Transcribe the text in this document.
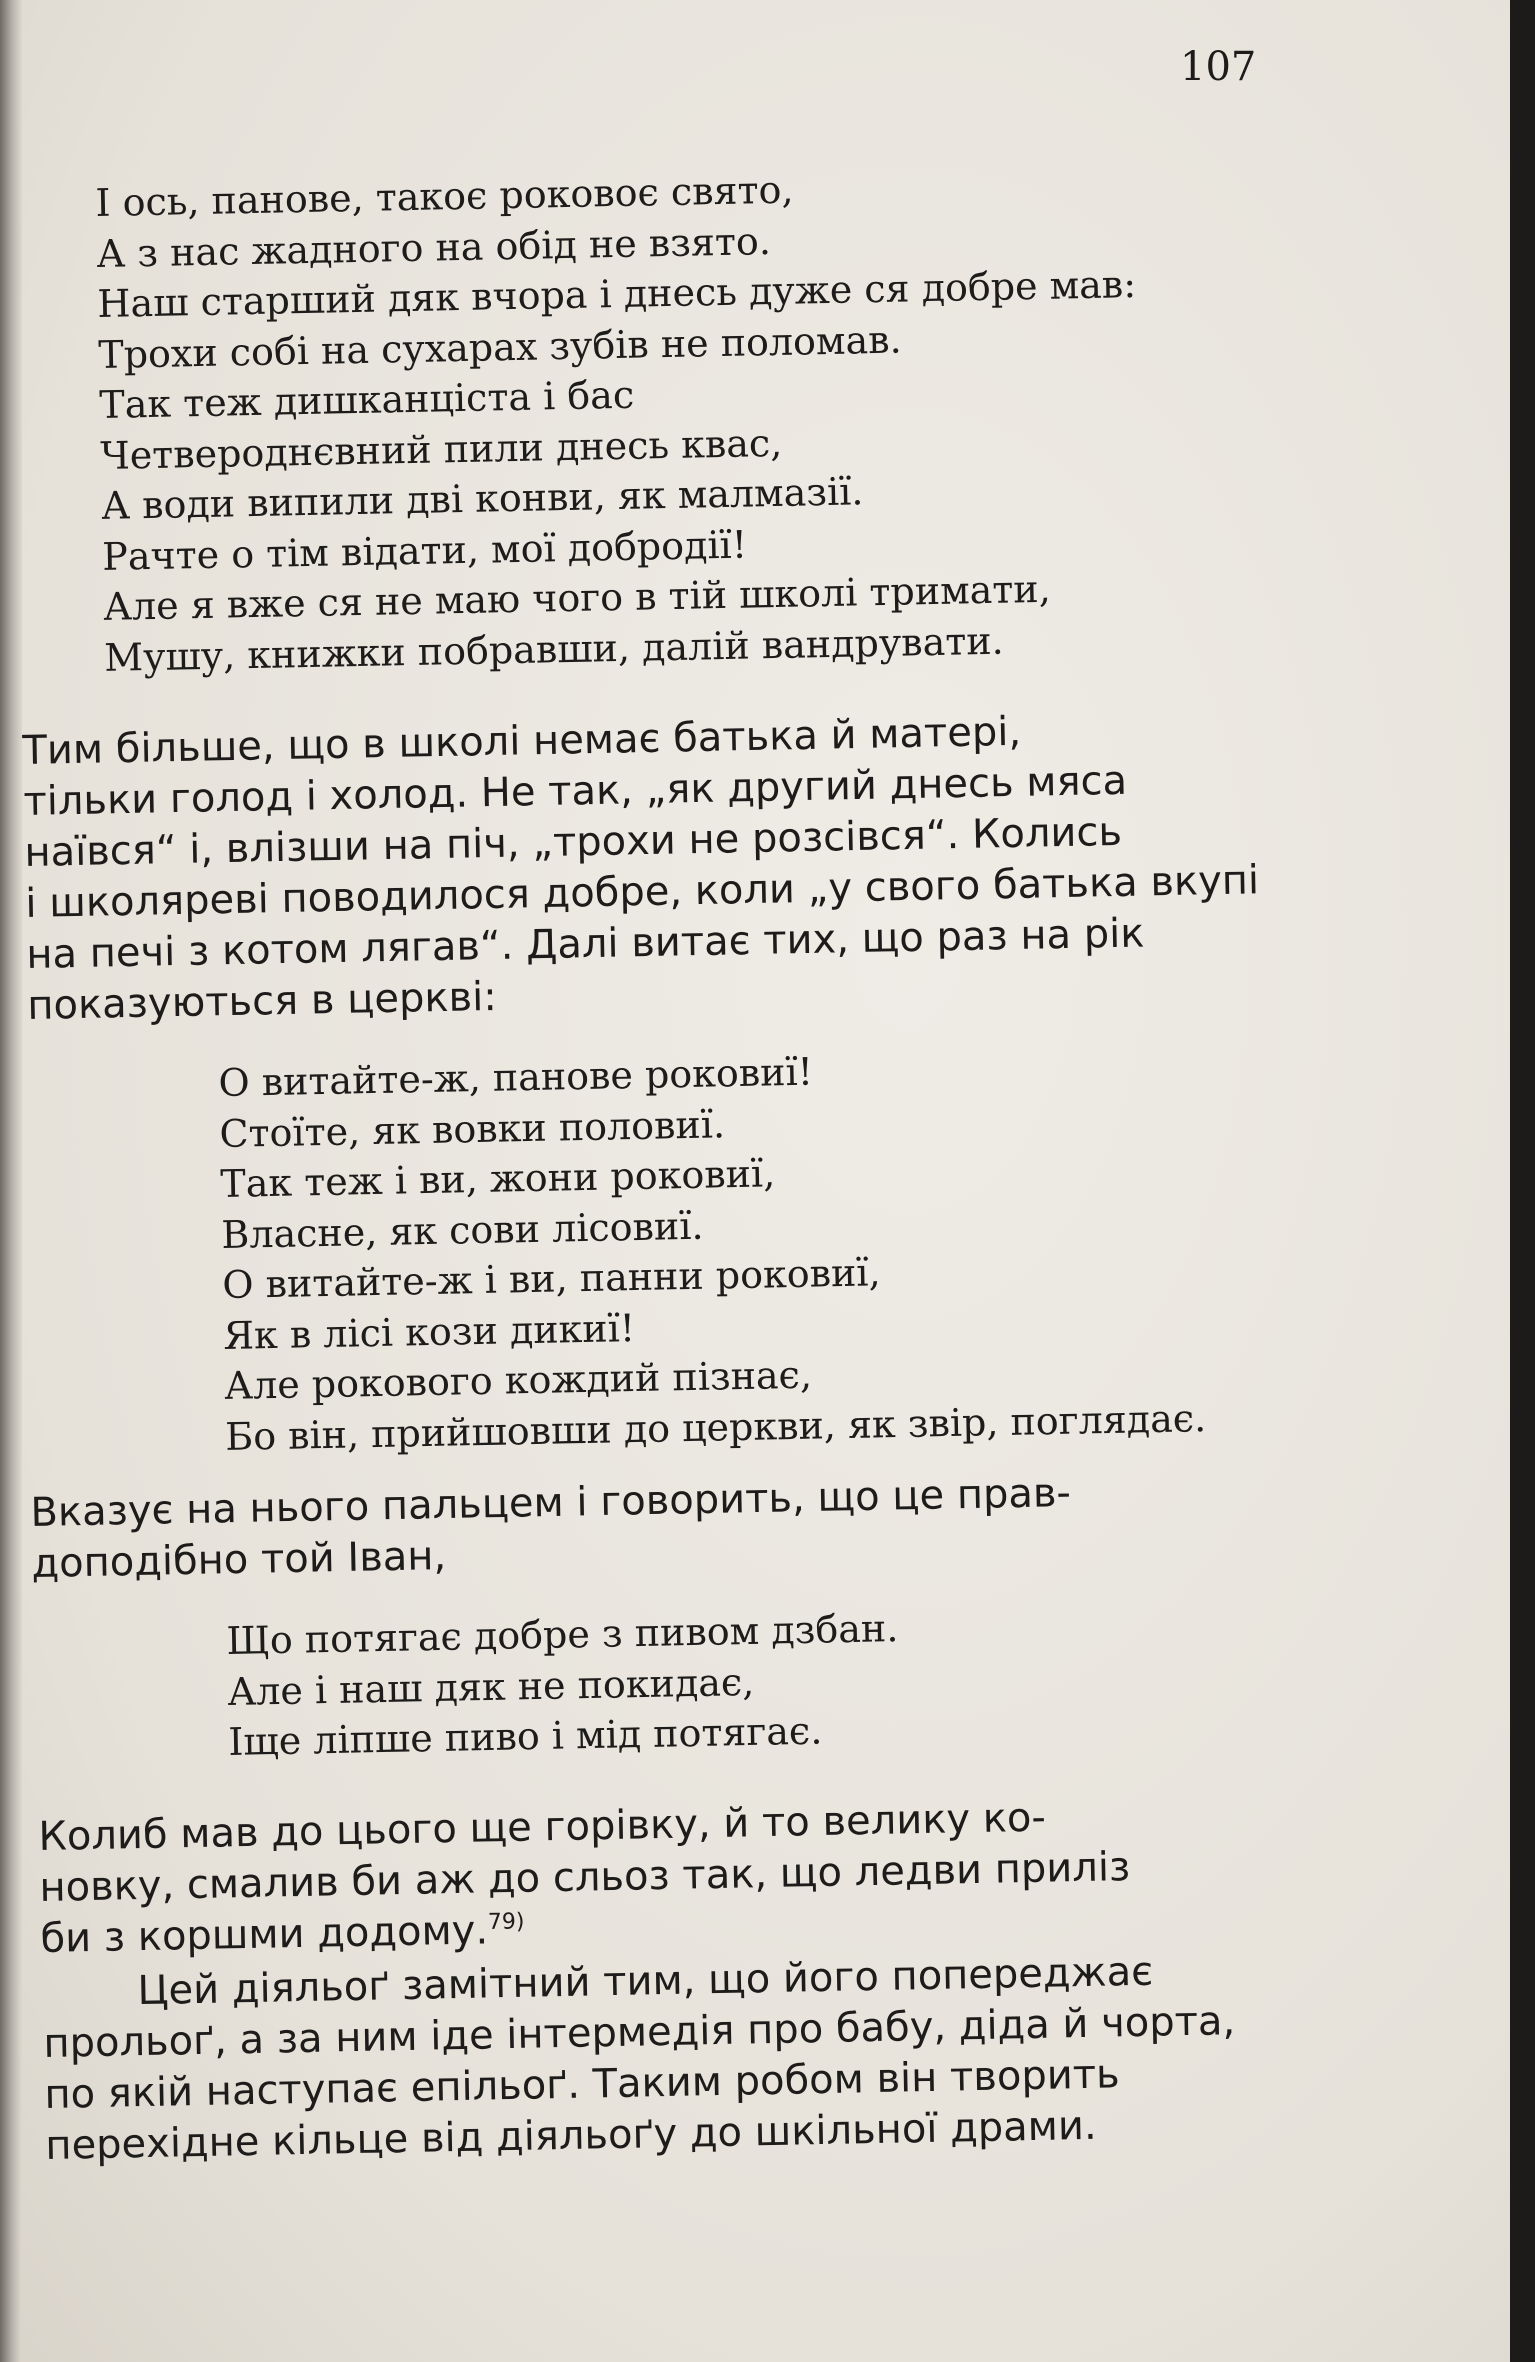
107
І ось, панове, такоє роковоє свято,
А з нас жадного на обід не взято.
Наш старший дяк вчора і днесь дуже ся добре мав:
Трохи собі на сухарах зубів не поломав.
Так теж дишканціста і бас
Четвероднєвний пили днесь квас,
А води випили дві конви, як малмазії.
Рачте о тім відати, мої добродії!
Але я вже ся не маю чого в тій школі тримати,
Мушу, книжки побравши, далій вандрувати.
Тим більше, що в школі немає батька й матері,
тільки голод і холод. Не так, „як другий днесь мяса
наївся“ і, влізши на піч, „трохи не розсівся“. Колись
і школяреві поводилося добре, коли „у свого батька вкупі
на печі з котом лягав“. Далі витає тих, що раз на рік
показуються в церкві:
О витайте-ж, панове роковиї!
Стоїте, як вовки половиї.
Так теж і ви, жони роковиї,
Власне, як сови лісовиї.
О витайте-ж і ви, панни роковиї,
Як в лісі кози дикиї!
Але рокового кождий пізнає,
Бо він, прийшовши до церкви, як звір, поглядає.
Вказує на нього пальцем і говорить, що це прав-
доподібно той Іван,
Що потягає добре з пивом дзбан.
Але і наш дяк не покидає,
Іще ліпше пиво і мід потягає.
Колиб мав до цього ще горівку, й то велику ко-
новку, смалив би аж до сльоз так, що ледви приліз
би з коршми додому.$^{79)}$
Цей діяльоґ замітний тим, що його попереджає
прольоґ, а за ним іде інтермедія про бабу, діда й чорта,
по якій наступає епільоґ. Таким робом він творить
перехідне кільце від діяльоґу до шкільної драми.
